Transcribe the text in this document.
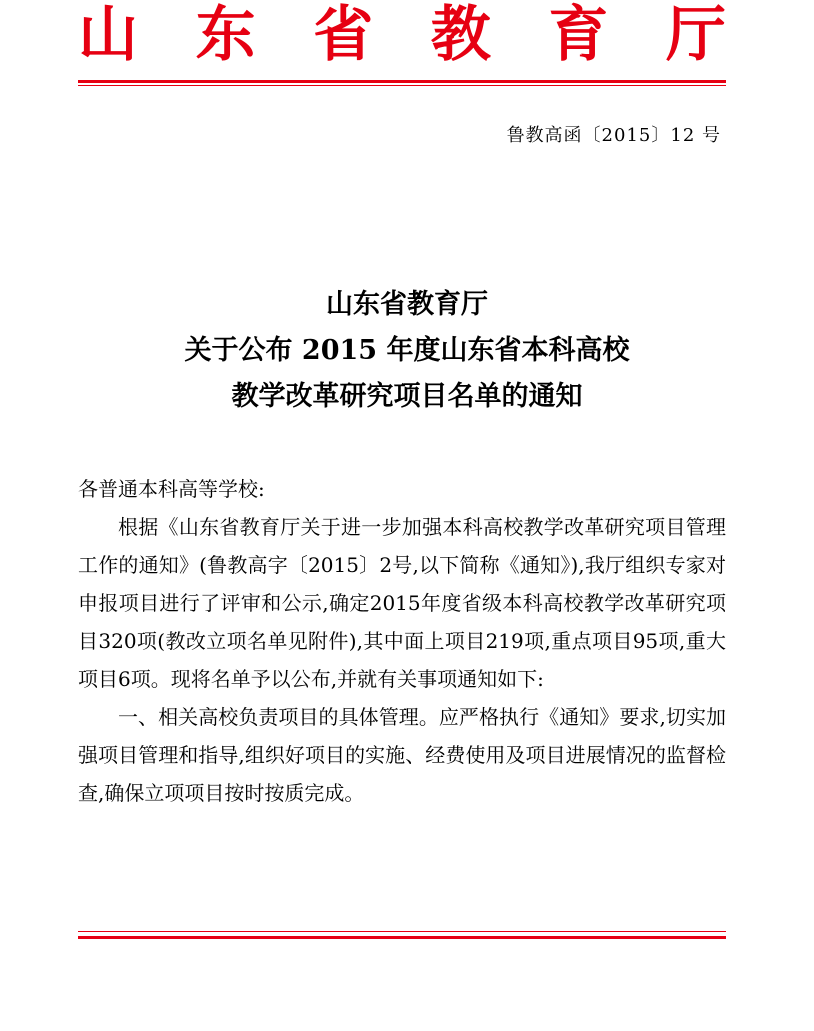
山 东 省 教 育 厅
鲁教高函〔2015〕12 号
山东省教育厅
关于公布 2015 年度山东省本科高校
教学改革研究项目名单的通知

各普通本科高等学校:

根据《山东省教育厅关于进一步加强本科高校教学改革研究项目管理工作的通知》(鲁教高字〔2015〕2号,以下简称《通知》),我厅组织专家对申报项目进行了评审和公示,确定2015年度省级本科高校教学改革研究项目320项(教改立项名单见附件),其中面上项目219项,重点项目95项,重大项目6项。现将名单予以公布,并就有关事项通知如下:

一、相关高校负责项目的具体管理。应严格执行《通知》要求,切实加强项目管理和指导,组织好项目的实施、经费使用及项目进展情况的监督检查,确保立项项目按时按质完成。
